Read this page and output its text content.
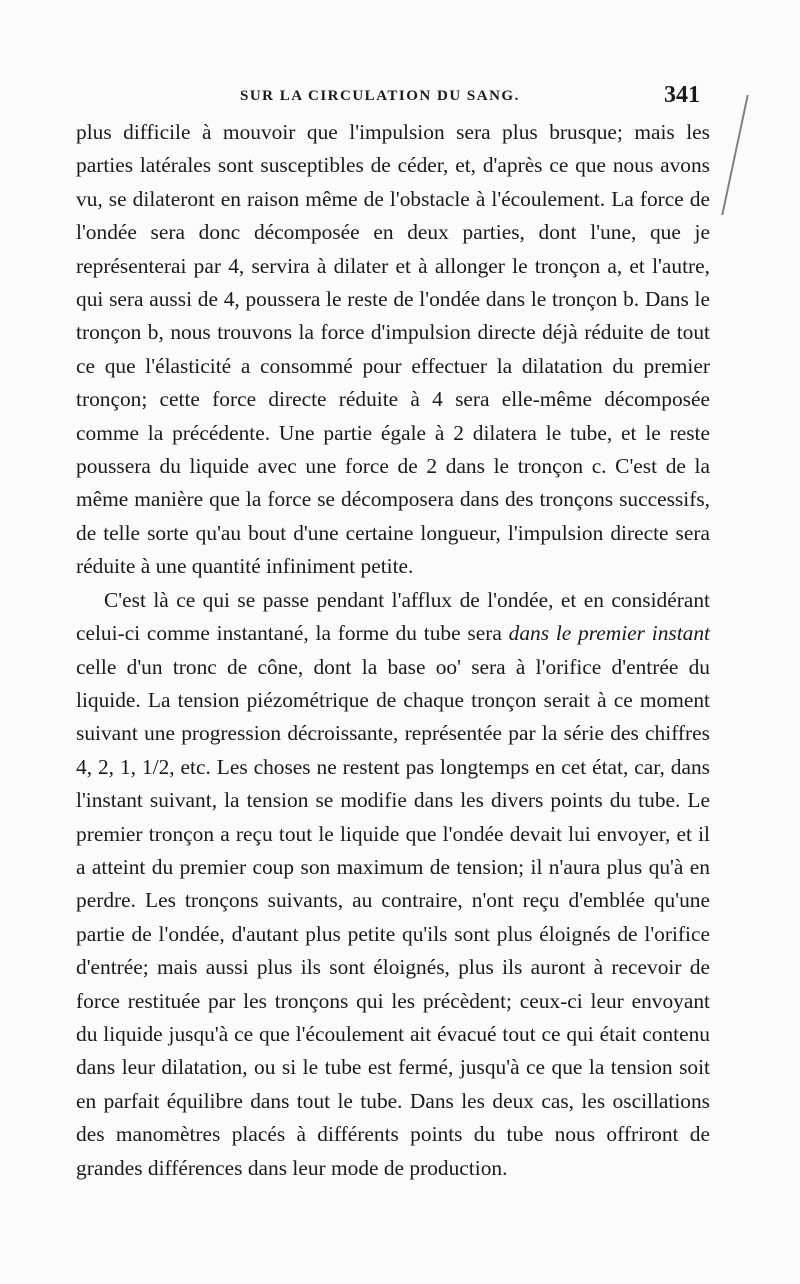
SUR LA CIRCULATION DU SANG.	341

plus difficile à mouvoir que l'impulsion sera plus brusque; mais les parties latérales sont susceptibles de céder, et, d'après ce que nous avons vu, se dilateront en raison même de l'obstacle à l'écoulement. La force de l'ondée sera donc décomposée en deux parties, dont l'une, que je représenterai par 4, servira à dilater et à allonger le tronçon a, et l'autre, qui sera aussi de 4, poussera le reste de l'ondée dans le tronçon b. Dans le tronçon b, nous trouvons la force d'impulsion directe déjà réduite de tout ce que l'élasticité a consommé pour effectuer la dilatation du premier tronçon; cette force directe réduite à 4 sera elle-même décomposée comme la précédente. Une partie égale à 2 dilatera le tube, et le reste poussera du liquide avec une force de 2 dans le tronçon c. C'est de la même manière que la force se décomposera dans des tronçons successifs, de telle sorte qu'au bout d'une certaine longueur, l'impulsion directe sera réduite à une quantité infiniment petite.

C'est là ce qui se passe pendant l'afflux de l'ondée, et en considérant celui-ci comme instantané, la forme du tube sera dans le premier instant celle d'un tronc de cône, dont la base oo' sera à l'orifice d'entrée du liquide. La tension piézométrique de chaque tronçon serait à ce moment suivant une progression décroissante, représentée par la série des chiffres 4, 2, 1, 1/2, etc. Les choses ne restent pas longtemps en cet état, car, dans l'instant suivant, la tension se modifie dans les divers points du tube. Le premier tronçon a reçu tout le liquide que l'ondée devait lui envoyer, et il a atteint du premier coup son maximum de tension; il n'aura plus qu'à en perdre. Les tronçons suivants, au contraire, n'ont reçu d'emblée qu'une partie de l'ondée, d'autant plus petite qu'ils sont plus éloignés de l'orifice d'entrée; mais aussi plus ils sont éloignés, plus ils auront à recevoir de force restituée par les tronçons qui les précèdent; ceux-ci leur envoyant du liquide jusqu'à ce que l'écoulement ait évacué tout ce qui était contenu dans leur dilatation, ou si le tube est fermé, jusqu'à ce que la tension soit en parfait équilibre dans tout le tube. Dans les deux cas, les oscillations des manomètres placés à différents points du tube nous offriront de grandes différences dans leur mode de production.
